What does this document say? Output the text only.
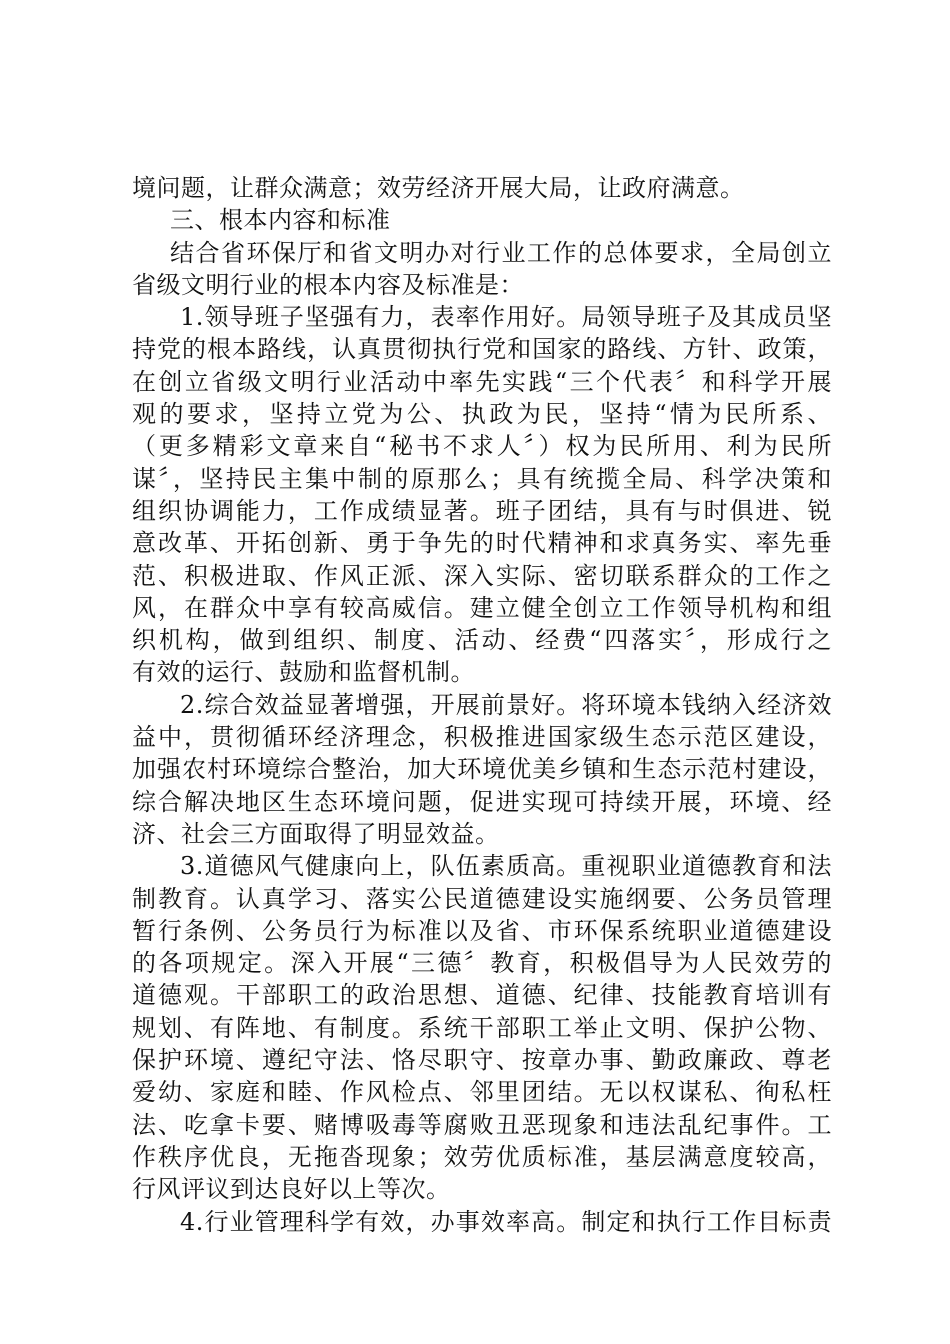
境问题，让群众满意；效劳经济开展大局，让政府满意。
三、根本内容和标准
结合省环保厅和省文明办对行业工作的总体要求，全局创立
省级文明行业的根本内容及标准是：
1.领导班子坚强有力，表率作用好。局领导班子及其成员坚
持党的根本路线，认真贯彻执行党和国家的路线、方针、政策，
在创立省级文明行业活动中率先实践“三个代表〞和科学开展
观的要求，坚持立党为公、执政为民，坚持“情为民所系、
（更多精彩文章来自“秘书不求人〞）权为民所用、利为民所
谋〞，坚持民主集中制的原那么；具有统揽全局、科学决策和
组织协调能力，工作成绩显著。班子团结，具有与时俱进、锐
意改革、开拓创新、勇于争先的时代精神和求真务实、率先垂
范、积极进取、作风正派、深入实际、密切联系群众的工作之
风，在群众中享有较高威信。建立健全创立工作领导机构和组
织机构，做到组织、制度、活动、经费“四落实〞，形成行之
有效的运行、鼓励和监督机制。
2.综合效益显著增强，开展前景好。将环境本钱纳入经济效
益中，贯彻循环经济理念，积极推进国家级生态示范区建设，
加强农村环境综合整治，加大环境优美乡镇和生态示范村建设，
综合解决地区生态环境问题，促进实现可持续开展，环境、经
济、社会三方面取得了明显效益。
3.道德风气健康向上，队伍素质高。重视职业道德教育和法
制教育。认真学习、落实公民道德建设实施纲要、公务员管理
暂行条例、公务员行为标准以及省、市环保系统职业道德建设
的各项规定。深入开展“三德〞教育，积极倡导为人民效劳的
道德观。干部职工的政治思想、道德、纪律、技能教育培训有
规划、有阵地、有制度。系统干部职工举止文明、保护公物、
保护环境、遵纪守法、恪尽职守、按章办事、勤政廉政、尊老
爱幼、家庭和睦、作风检点、邻里团结。无以权谋私、徇私枉
法、吃拿卡要、赌博吸毒等腐败丑恶现象和违法乱纪事件。工
作秩序优良，无拖沓现象；效劳优质标准，基层满意度较高，
行风评议到达良好以上等次。
4.行业管理科学有效，办事效率高。制定和执行工作目标责
